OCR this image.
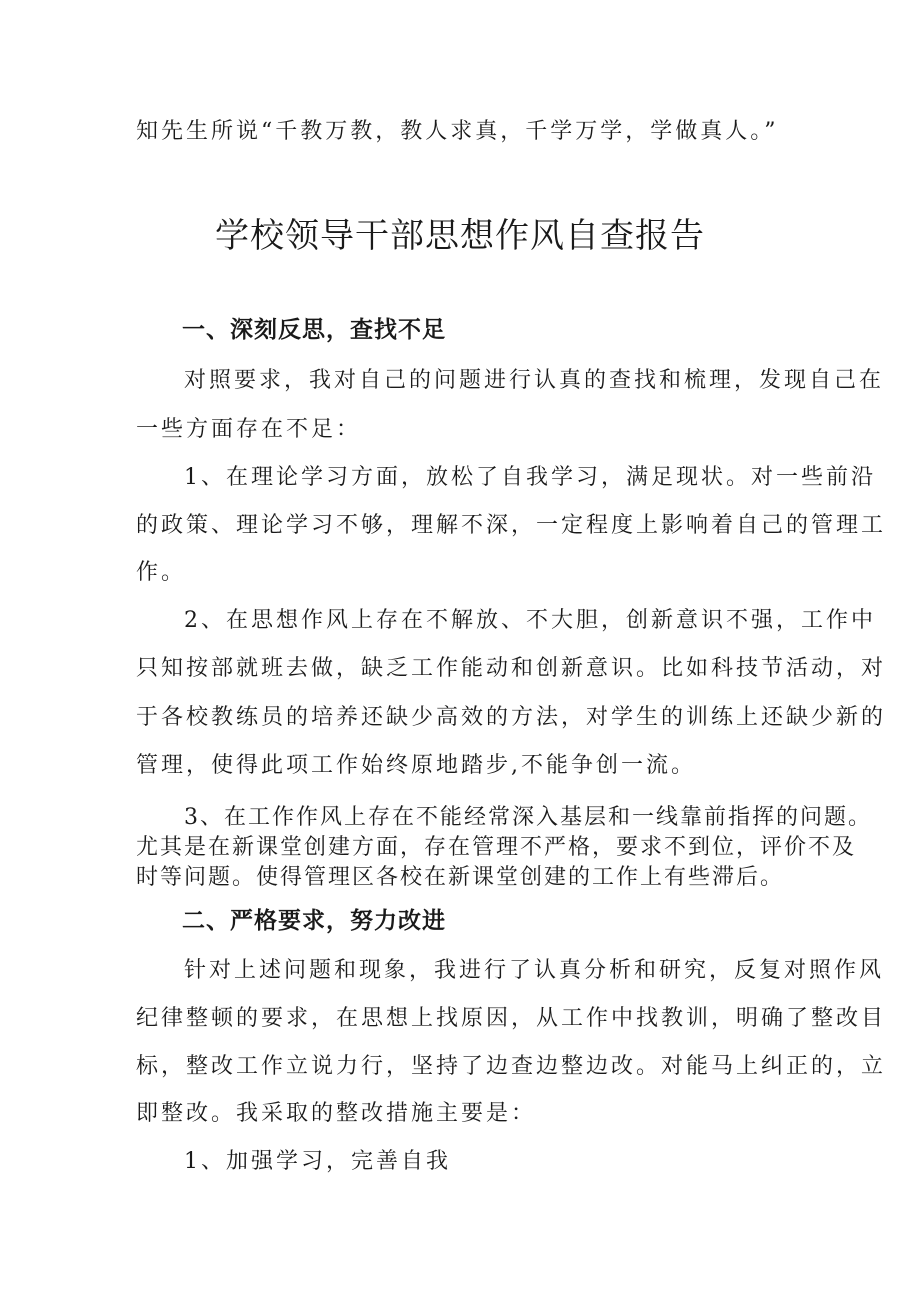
知先生所说“千教万教，教人求真，千学万学，学做真人。”
学校领导干部思想作风自查报告
一、深刻反思，查找不足
对照要求，我对自己的问题进行认真的查找和梳理，发现自己在
一些方面存在不足：
1、在理论学习方面，放松了自我学习，满足现状。对一些前沿
的政策、理论学习不够，理解不深，一定程度上影响着自己的管理工
作。
2、在思想作风上存在不解放、不大胆，创新意识不强，工作中
只知按部就班去做，缺乏工作能动和创新意识。比如科技节活动，对
于各校教练员的培养还缺少高效的方法，对学生的训练上还缺少新的
管理，使得此项工作始终原地踏步,不能争创一流。
3、在工作作风上存在不能经常深入基层和一线靠前指挥的问题。
尤其是在新课堂创建方面，存在管理不严格，要求不到位，评价不及
时等问题。使得管理区各校在新课堂创建的工作上有些滞后。
二、严格要求，努力改进
针对上述问题和现象，我进行了认真分析和研究，反复对照作风
纪律整顿的要求，在思想上找原因，从工作中找教训，明确了整改目
标，整改工作立说力行，坚持了边查边整边改。对能马上纠正的，立
即整改。我采取的整改措施主要是：
1、加强学习，完善自我
